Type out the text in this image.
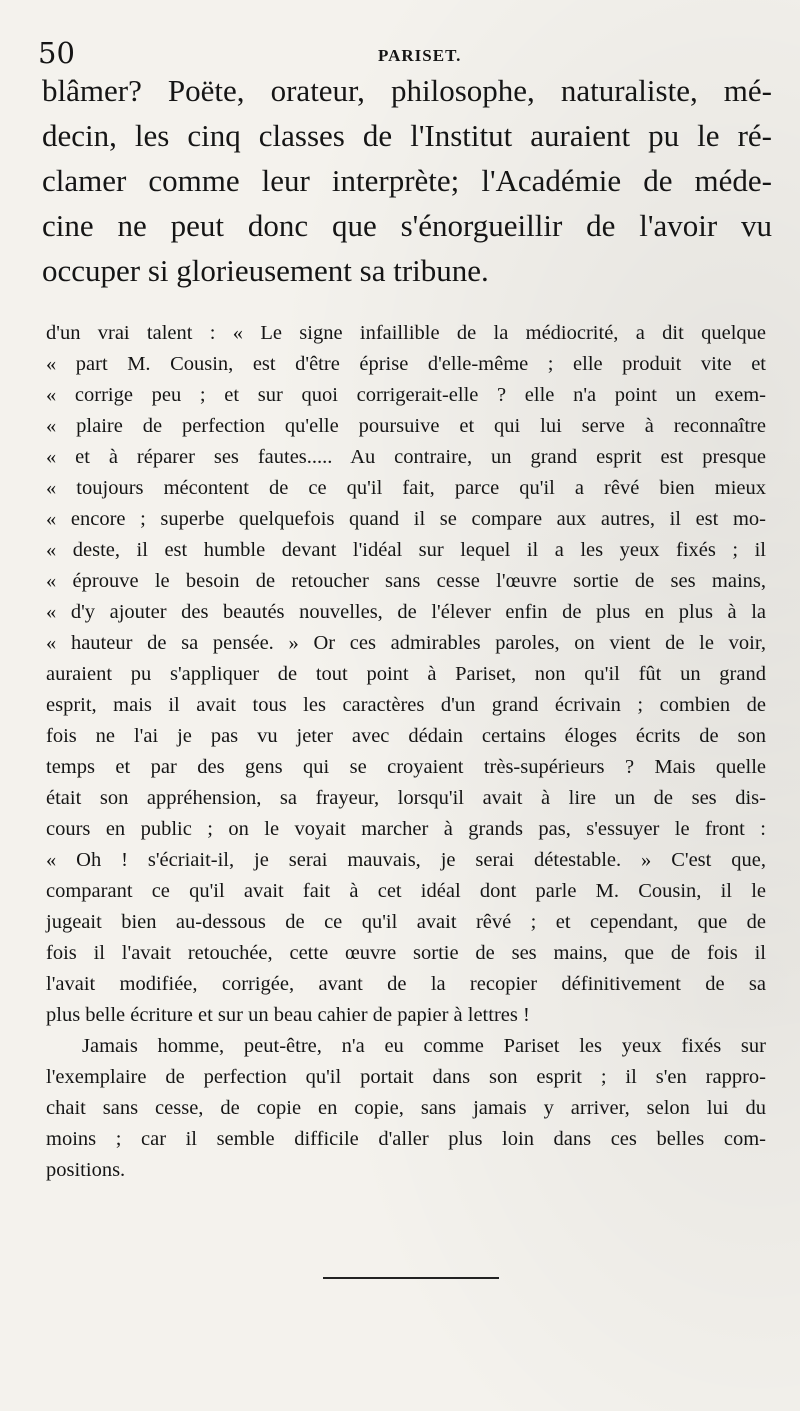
50	PARISET.
blâmer? Poëte, orateur, philosophe, naturaliste, mé-
decin, les cinq classes de l'Institut auraient pu le ré-
clamer comme leur interprète; l'Académie de méde-
cine ne peut donc que s'énorgueillir de l'avoir vu
occuper si glorieusement sa tribune.
d'un vrai talent : « Le signe infaillible de la médiocrité, a dit quelque
« part M. Cousin, est d'être éprise d'elle-même ; elle produit vite et
« corrige peu ; et sur quoi corrigerait-elle ? elle n'a point un exem-
« plaire de perfection qu'elle poursuive et qui lui serve à reconnaître
« et à réparer ses fautes..... Au contraire, un grand esprit est presque
« toujours mécontent de ce qu'il fait, parce qu'il a rêvé bien mieux
« encore ; superbe quelquefois quand il se compare aux autres, il est mo-
« deste, il est humble devant l'idéal sur lequel il a les yeux fixés ; il
« éprouve le besoin de retoucher sans cesse l'œuvre sortie de ses mains,
« d'y ajouter des beautés nouvelles, de l'élever enfin de plus en plus à la
« hauteur de sa pensée. » Or ces admirables paroles, on vient de le voir,
auraient pu s'appliquer de tout point à Pariset, non qu'il fût un grand
esprit, mais il avait tous les caractères d'un grand écrivain ; combien de
fois ne l'ai je pas vu jeter avec dédain certains éloges écrits de son
temps et par des gens qui se croyaient très-supérieurs ? Mais quelle
était son appréhension, sa frayeur, lorsqu'il avait à lire un de ses dis-
cours en public ; on le voyait marcher à grands pas, s'essuyer le front :
« Oh ! s'écriait-il, je serai mauvais, je serai détestable. » C'est que,
comparant ce qu'il avait fait à cet idéal dont parle M. Cousin, il le
jugeait bien au-dessous de ce qu'il avait rêvé ; et cependant, que de
fois il l'avait retouchée, cette œuvre sortie de ses mains, que de fois il
l'avait modifiée, corrigée, avant de la recopier définitivement de sa
plus belle écriture et sur un beau cahier de papier à lettres !
Jamais homme, peut-être, n'a eu comme Pariset les yeux fixés sur
l'exemplaire de perfection qu'il portait dans son esprit ; il s'en rappro-
chait sans cesse, de copie en copie, sans jamais y arriver, selon lui du
moins ; car il semble difficile d'aller plus loin dans ces belles com-
positions.
